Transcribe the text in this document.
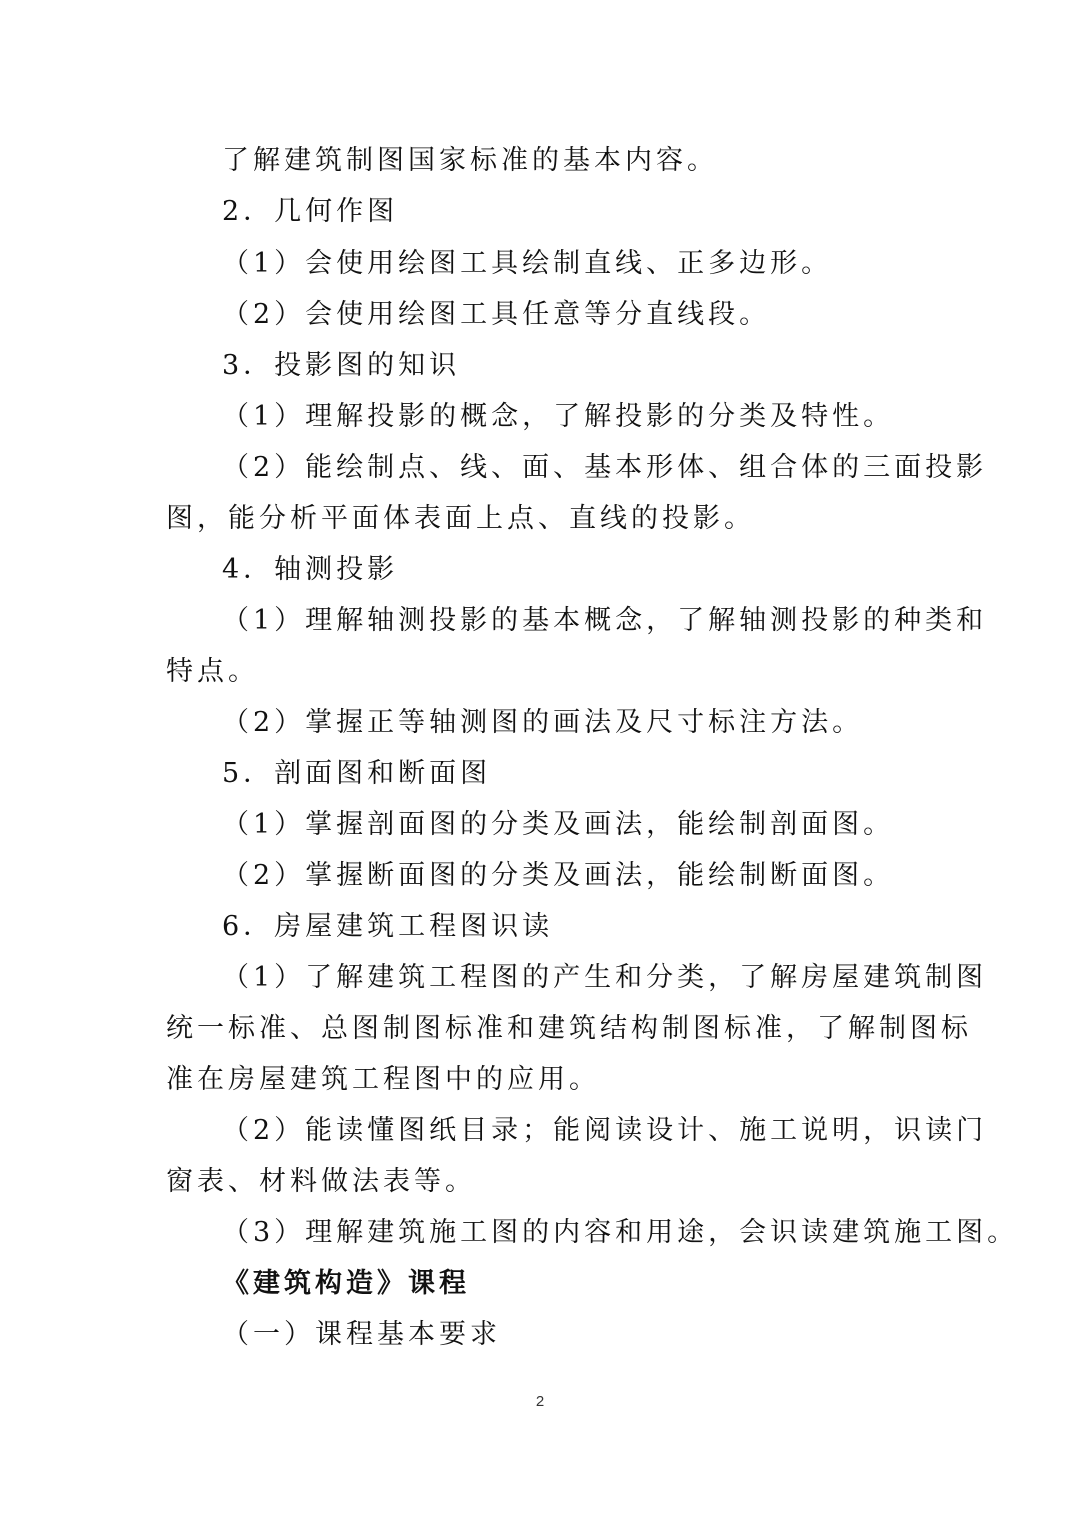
了解建筑制图国家标准的基本内容。
2．几何作图
（1）会使用绘图工具绘制直线、正多边形。
（2）会使用绘图工具任意等分直线段。
3．投影图的知识
（1）理解投影的概念，了解投影的分类及特性。
（2）能绘制点、线、面、基本形体、组合体的三面投影
图，能分析平面体表面上点、直线的投影。
4．轴测投影
（1）理解轴测投影的基本概念，了解轴测投影的种类和
特点。
（2）掌握正等轴测图的画法及尺寸标注方法。
5．剖面图和断面图
（1）掌握剖面图的分类及画法，能绘制剖面图。
（2）掌握断面图的分类及画法，能绘制断面图。
6．房屋建筑工程图识读
（1）了解建筑工程图的产生和分类，了解房屋建筑制图
统一标准、总图制图标准和建筑结构制图标准，了解制图标
准在房屋建筑工程图中的应用。
（2）能读懂图纸目录；能阅读设计、施工说明，识读门
窗表、材料做法表等。
（3）理解建筑施工图的内容和用途，会识读建筑施工图。
《建筑构造》课程
（一）课程基本要求
2
